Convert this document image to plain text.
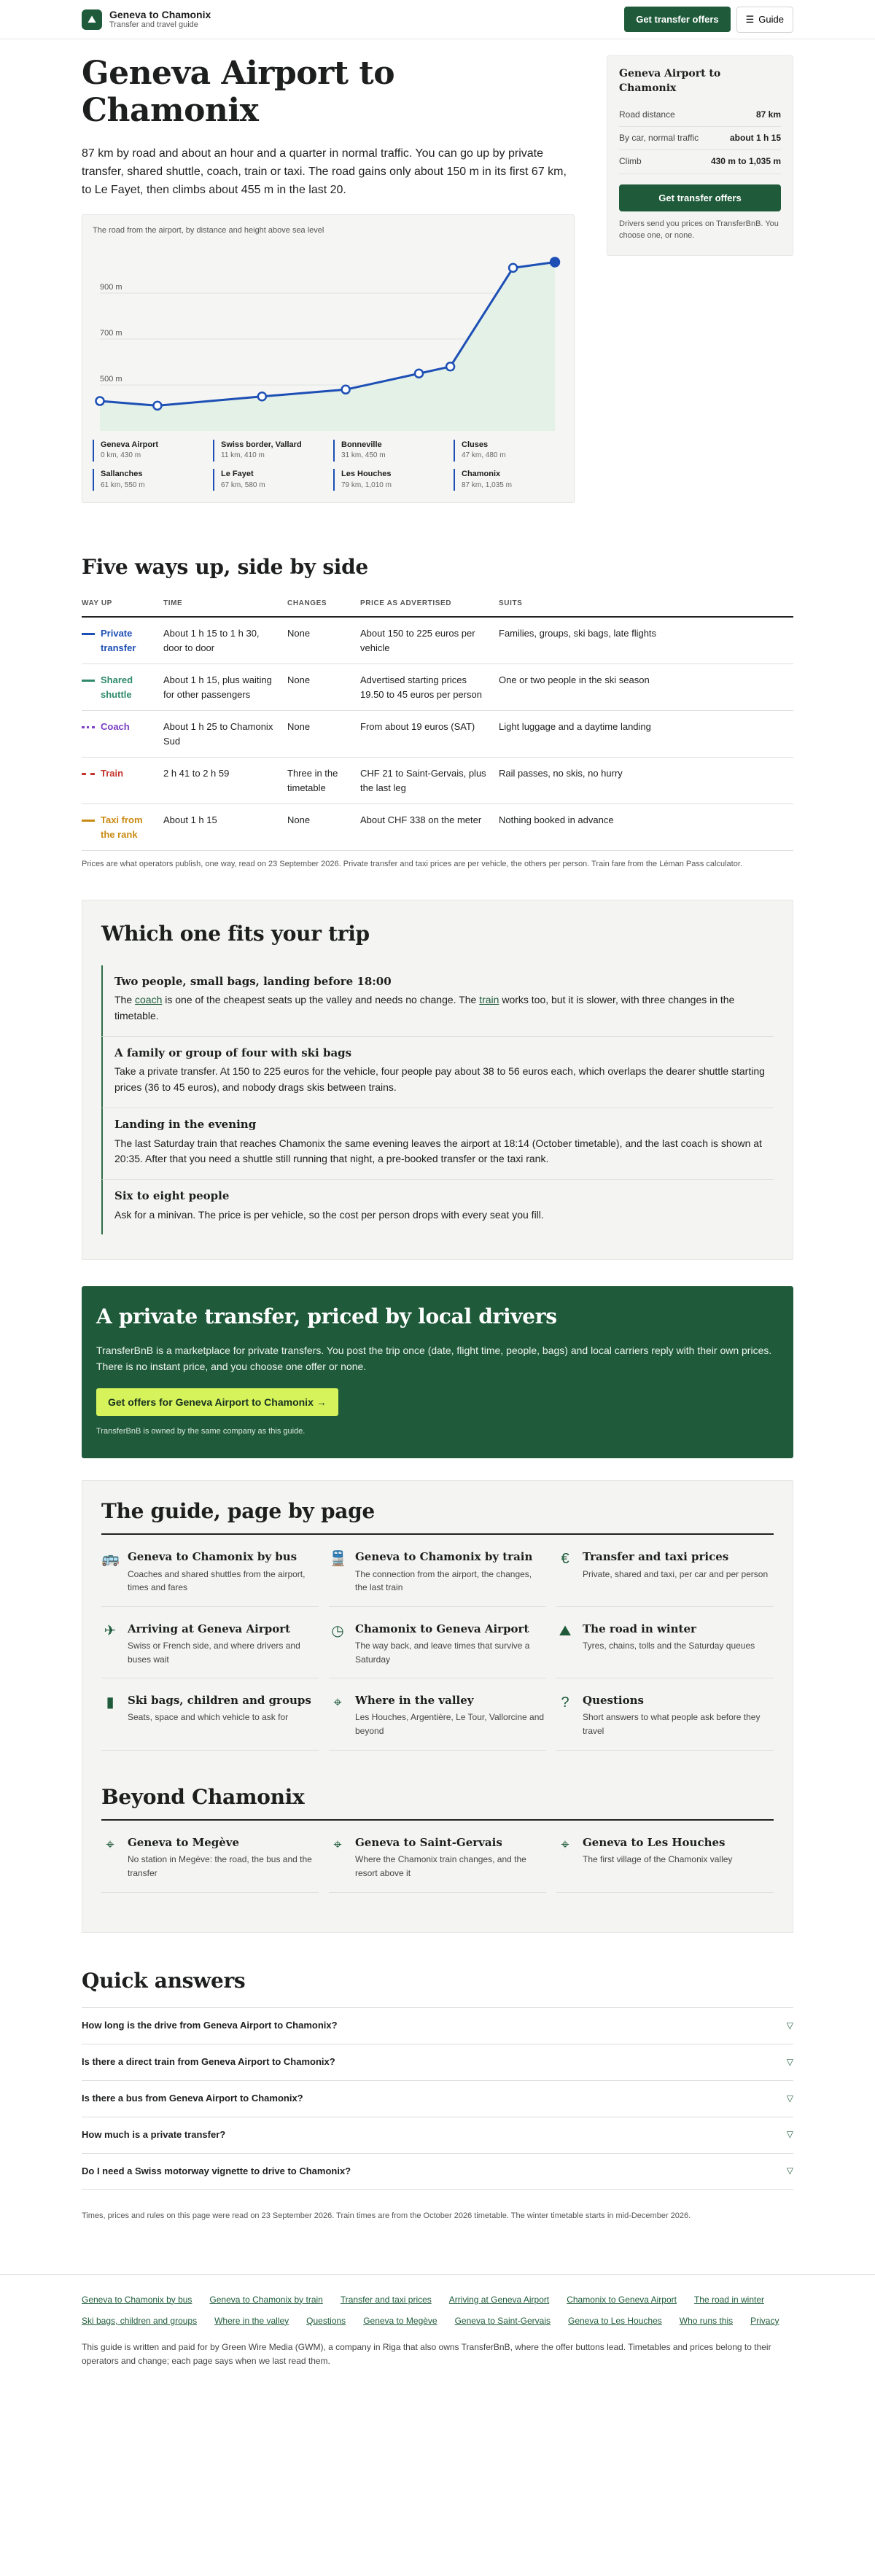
⛰	Geneva to Chamonix
Transfer and travel guide
Get transfer offers	☰ Guide
Geneva Airport to Chamonix

87 km by road and about an hour and a quarter in normal traffic. You can go up by private transfer, shared shuttle, coach, train or taxi. The road gains only about 150 m in its first 67 km, to Le Fayet, then climbs about 455 m in the last 20.

The road from the airport, by distance and height above sea level
500 m
700 m
900 m
Geneva Airport
0 km, 430 m
Swiss border, Vallard
11 km, 410 m
Bonneville
31 km, 450 m
Cluses
47 km, 480 m
Sallanches
61 km, 550 m
Le Fayet
67 km, 580 m
Les Houches
79 km, 1,010 m
Chamonix
87 km, 1,035 m
Geneva Airport to Chamonix
Road distance	87 km
By car, normal traffic	about 1 h 15
Climb	430 m to 1,035 m
Get transfer offers
Drivers send you prices on TransferBnB. You choose one, or none.
Five ways up, side by side
WAY UP	TIME	CHANGES	PRICE AS ADVERTISED	SUITS

Private transfer	About 1 h 15 to 1 h 30, door to door	None	About 150 to 225 euros per vehicle	Families, groups, ski bags, late flights

Shared shuttle	About 1 h 15, plus waiting for other passengers	None	Advertised starting prices 19.50 to 45 euros per person	One or two people in the ski season

Coach	About 1 h 25 to Chamonix Sud	None	From about 19 euros (SAT)	Light luggage and a daytime landing

Train	2 h 41 to 2 h 59	Three in the timetable	CHF 21 to Saint-Gervais, plus the last leg	Rail passes, no skis, no hurry

Taxi from the rank	About 1 h 15	None	About CHF 338 on the meter	Nothing booked in advance

Prices are what operators publish, one way, read on 23 September 2026. Private transfer and taxi prices are per vehicle, the others per person. Train fare from the Léman Pass calculator.

Which one fits your trip
Two people, small bags, landing before 18:00

The coach is one of the cheapest seats up the valley and needs no change. The train works too, but it is slower, with three changes in the timetable.

A family or group of four with ski bags

Take a private transfer. At 150 to 225 euros for the vehicle, four people pay about 38 to 56 euros each, which overlaps the dearer shuttle starting prices (36 to 45 euros), and nobody drags skis between trains.

Landing in the evening

The last Saturday train that reaches Chamonix the same evening leaves the airport at 18:14 (October timetable), and the last coach is shown at 20:35. After that you need a shuttle still running that night, a pre-booked transfer or the taxi rank.

Six to eight people

Ask for a minivan. The price is per vehicle, so the cost per person drops with every seat you fill.

A private transfer, priced by local drivers

TransferBnB is a marketplace for private transfers. You post the trip once (date, flight time, people, bags) and local carriers reply with their own prices. There is no instant price, and you choose one offer or none.

Get offers for Geneva Airport to Chamonix →
TransferBnB is owned by the same company as this guide.
The guide, page by page
🚌 Geneva to Chamonix by bus
Coaches and shared shuttles from the airport, times and fares
🚆 Geneva to Chamonix by train
The connection from the airport, the changes, the last train
€	Transfer and taxi prices
Private, shared and taxi, per car and per person
✈ Arriving at Geneva Airport
Swiss or French side, and where drivers and buses wait
◷ Chamonix to Geneva Airport
The way back, and leave times that survive a Saturday
⛰ The road in winter
Tyres, chains, tolls and the Saturday queues
▮	Ski bags, children and groups
Seats, space and which vehicle to ask for
⌖	Where in the valley
Les Houches, Argentière, Le Tour, Vallorcine and beyond
?	Questions
Short answers to what people ask before they travel
Beyond Chamonix
⌖	Geneva to Megève
No station in Megève: the road, the bus and the transfer
⌖	Geneva to Saint-Gervais
Where the Chamonix train changes, and the resort above it
⌖	Geneva to Les Houches
The first village of the Chamonix valley
Quick answers
How long is the drive from Geneva Airport to Chamonix?	▽
Is there a direct train from Geneva Airport to Chamonix?	▽
Is there a bus from Geneva Airport to Chamonix?	▽
How much is a private transfer?	▽
Do I need a Swiss motorway vignette to drive to Chamonix?	▽

Times, prices and rules on this page were read on 23 September 2026. Train times are from the October 2026 timetable. The winter timetable starts in mid-December 2026.

Geneva to Chamonix by bus Geneva to Chamonix by train Transfer and taxi prices Arriving at Geneva Airport Chamonix to Geneva Airport The road in winter
Ski bags, children and groups Where in the valley Questions Geneva to Megève Geneva to Saint-Gervais Geneva to Les Houches Who runs this Privacy

This guide is written and paid for by Green Wire Media (GWM), a company in Riga that also owns TransferBnB, where the offer buttons lead. Timetables and prices belong to their operators and change; each page says when we last read them.
